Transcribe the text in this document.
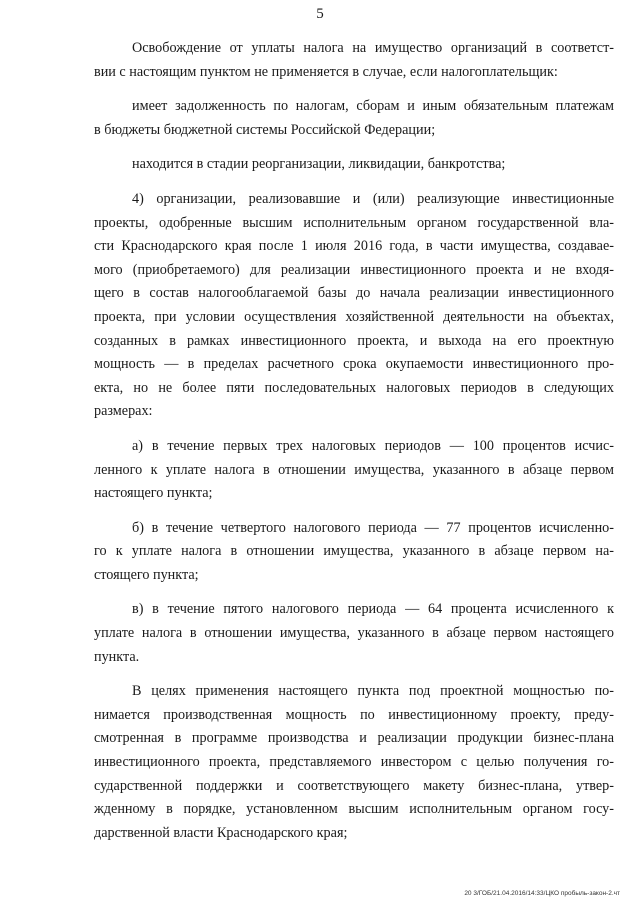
5
Освобождение от уплаты налога на имущество организаций в соответст-
вии с настоящим пунктом не применяется в случае, если налогоплательщик:
имеет задолженность по налогам, сборам и иным обязательным платежам
в бюджеты бюджетной системы Российской Федерации;
находится в стадии реорганизации, ликвидации, банкротства;
4) организации, реализовавшие и (или) реализующие инвестиционные
проекты, одобренные высшим исполнительным органом государственной вла-
сти Краснодарского края после 1 июля 2016 года, в части имущества, создавае-
мого (приобретаемого) для реализации инвестиционного проекта и не входя-
щего в состав налогооблагаемой базы до начала реализации инвестиционного
проекта, при условии осуществления хозяйственной деятельности на объектах,
созданных в рамках инвестиционного проекта, и выхода на его проектную
мощность — в пределах расчетного срока окупаемости инвестиционного про-
екта, но не более пяти последовательных налоговых периодов в следующих
размерах:
а) в течение первых трех налоговых периодов — 100 процентов исчис-
ленного к уплате налога в отношении имущества, указанного в абзаце первом
настоящего пункта;
б) в течение четвертого налогового периода — 77 процентов исчисленно-
го к уплате налога в отношении имущества, указанного в абзаце первом на-
стоящего пункта;
в) в течение пятого налогового периода — 64 процента исчисленного к
уплате налога в отношении имущества, указанного в абзаце первом настоящего
пункта.
В целях применения настоящего пункта под проектной мощностью по-
нимается производственная мощность по инвестиционному проекту, преду-
смотренная в программе производства и реализации продукции бизнес-плана
инвестиционного проекта, представляемого инвестором с целью получения го-
сударственной поддержки и соответствующего макету бизнес-плана, утвер-
жденному в порядке, установленном высшим исполнительным органом госу-
дарственной власти Краснодарского края;
20 3/ГОБ/21.04.2016/14:33/ЦКО пробыль-закон-2.чт
